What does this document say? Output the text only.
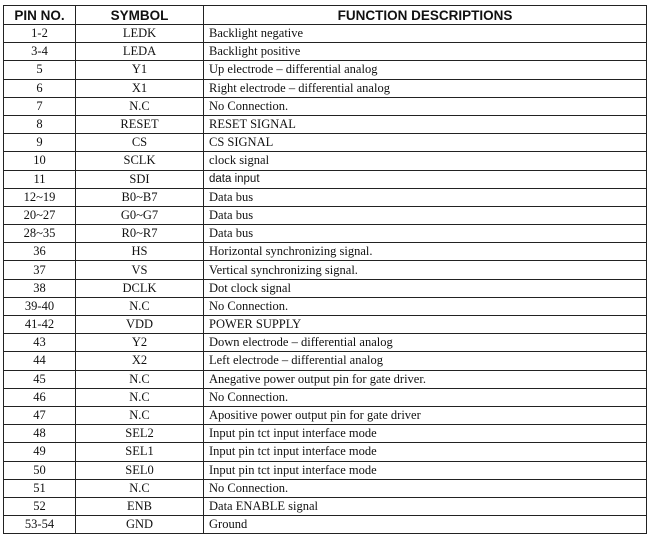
PIN NO.	SYMBOL	FUNCTION DESCRIPTIONS
1-2	LEDK	Backlight negative
3-4	LEDA	Backlight positive
5	Y1	Up electrode – differential analog
6	X1	Right electrode – differential analog
7	N.C	No Connection.
8	RESET	RESET SIGNAL
9	CS	CS SIGNAL
10	SCLK	clock signal
11	SDI	data input
12~19	B0~B7	Data bus
20~27	G0~G7	Data bus
28~35	R0~R7	Data bus
36	HS	Horizontal synchronizing signal.
37	VS	Vertical synchronizing signal.
38	DCLK	Dot clock signal
39-40	N.C	No Connection.
41-42	VDD	POWER SUPPLY
43	Y2	Down electrode – differential analog
44	X2	Left electrode – differential analog
45	N.C	Anegative power output pin for gate driver.
46	N.C	No Connection.
47	N.C	Apositive power output pin for gate driver
48	SEL2	Input pin tct input interface mode
49	SEL1	Input pin tct input interface mode
50	SEL0	Input pin tct input interface mode
51	N.C	No Connection.
52	ENB	Data ENABLE signal
53-54	GND	Ground
